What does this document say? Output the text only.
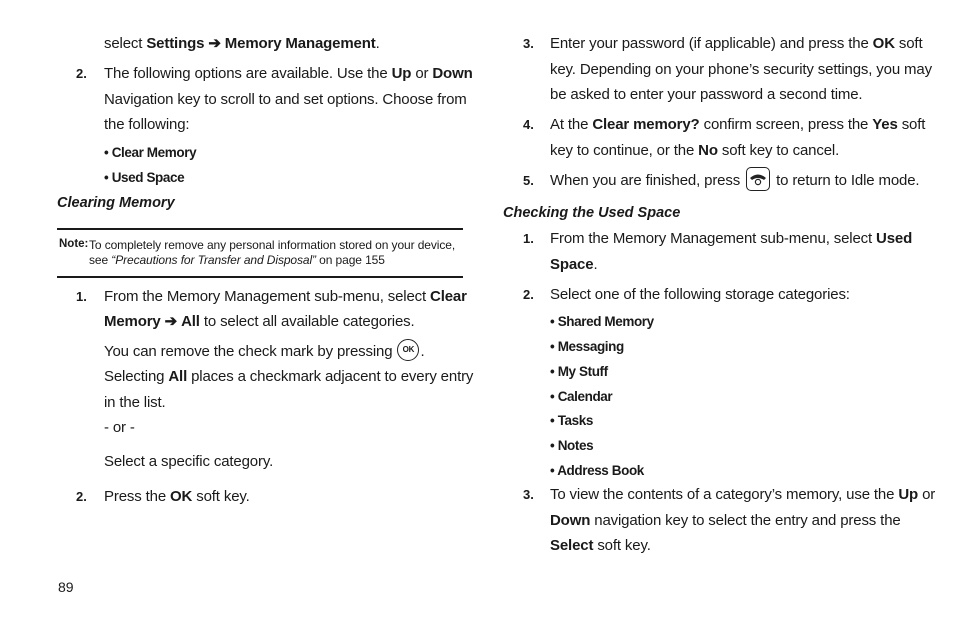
select Settings ➔ Memory Management.
2. The following options are available. Use the Up or Down
Navigation key to scroll to and set options. Choose from
the following:
• Clear Memory
• Used Space
Clearing Memory
Note: To completely remove any personal information stored on your device,
see “Precautions for Transfer and Disposal” on page 155
1. From the Memory Management sub-menu, select Clear
Memory ➔ All to select all available categories.
You can remove the check mark by pressing OK .
Selecting All places a checkmark adjacent to every entry
in the list.
- or -
Select a specific category.
2. Press the OK soft key.
3. Enter your password (if applicable) and press the OK soft
key. Depending on your phone’s security settings, you may
be asked to enter your password a second time.
4. At the Clear memory? confirm screen, press the Yes soft
key to continue, or the No soft key to cancel.
5. When you are finished, press
to return to Idle mode.
Checking the Used Space
1. From the Memory Management sub-menu, select Used
Space.
2. Select one of the following storage categories:
• Shared Memory
• Messaging
• My Stuff
• Calendar
• Tasks
• Notes
• Address Book
3. To view the contents of a category’s memory, use the Up or
Down navigation key to select the entry and press the
Select soft key.
89
